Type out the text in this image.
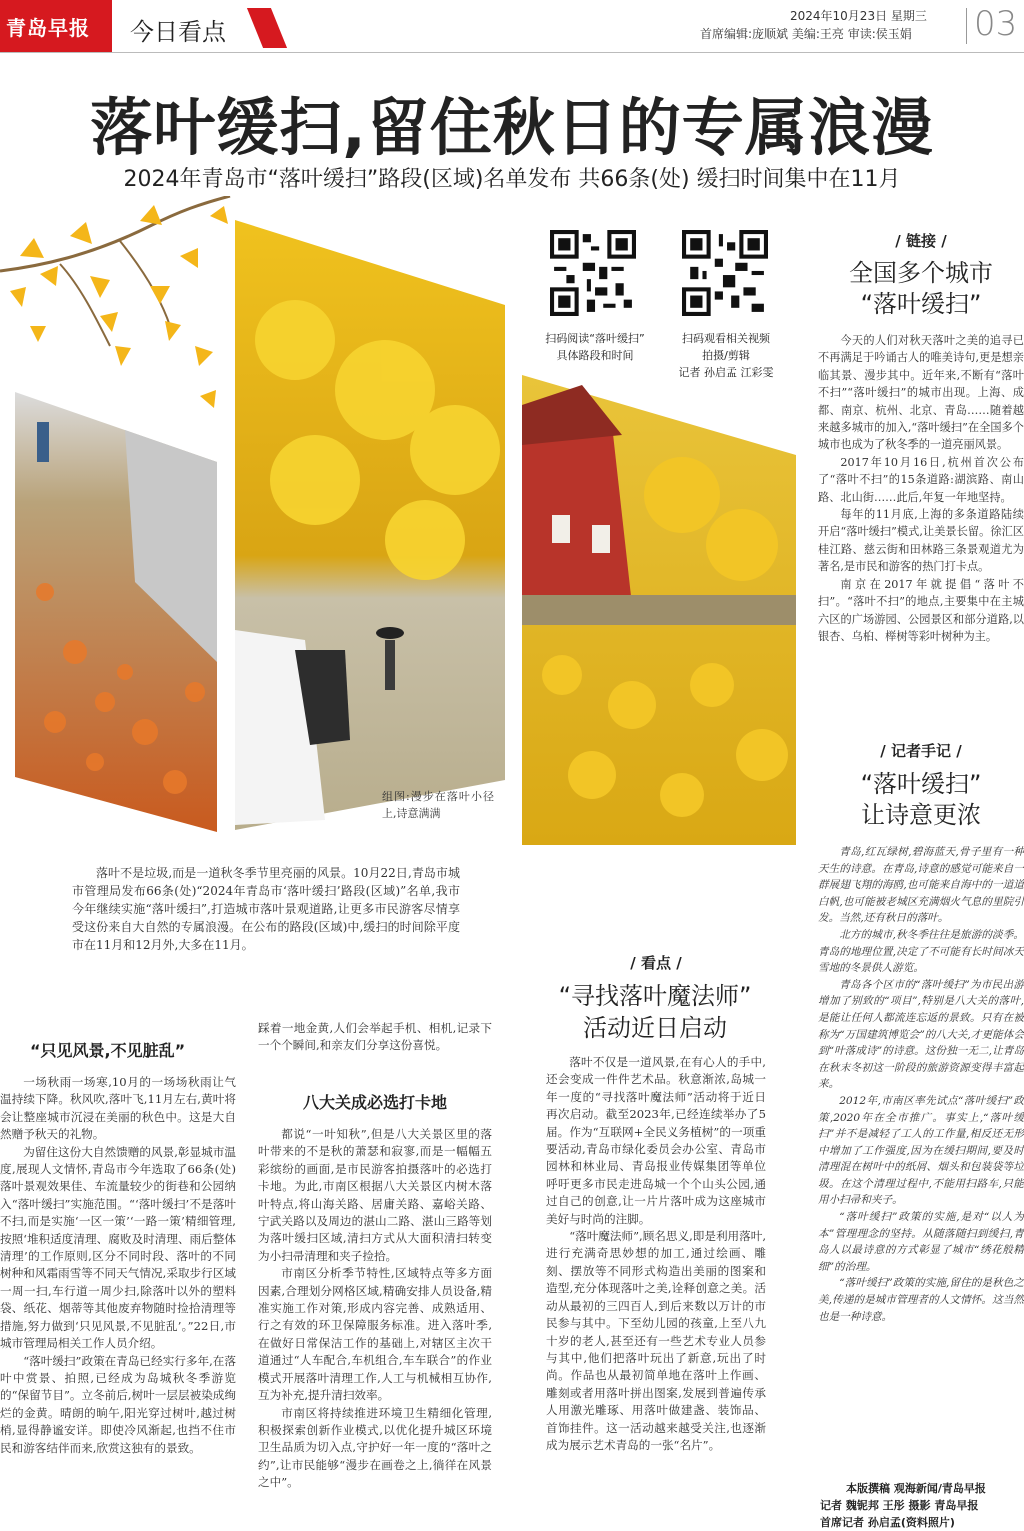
青岛早报 今日看点
2024年10月23日 星期三
首席编辑:庞顺斌 美编:王亮 审读:侯玉娟 03
落叶缓扫,留住秋日的专属浪漫
2024年青岛市“落叶缓扫”路段(区域)名单发布 共66条(处) 缓扫时间集中在11月
组图:漫步在落叶小径上,诗意满满
扫码阅读“落叶缓扫”
具体路段和时间
扫码观看相关视频
拍摄/剪辑
记者 孙启孟 江彩雯

落叶不是垃圾,而是一道秋冬季节里亮丽的风景。10月22日,青岛市城市管理局发布66条(处)“2024年青岛市‘落叶缓扫’路段(区域)”名单,我市今年继续实施“落叶缓扫”,打造城市落叶景观道路,让更多市民游客尽情享受这份来自大自然的专属浪漫。在公布的路段(区域)中,缓扫的时间除平度市在11月和12月外,大多在11月。

“只见风景,不见脏乱”

一场秋雨一场寒,10月的一场场秋雨让气温持续下降。秋风吹,落叶飞,11月左右,黄叶将会让整座城市沉浸在美丽的秋色中。这是大自然赠予秋天的礼物。

为留住这份大自然馈赠的风景,彰显城市温度,展现人文情怀,青岛市今年选取了66条(处)落叶景观效果佳、车流量较少的街巷和公园纳入“落叶缓扫”实施范围。“‘落叶缓扫’不是落叶不扫,而是实施‘一区一策’‘一路一策’精细管理,按照‘堆积适度清理、腐败及时清理、雨后整体清理’的工作原则,区分不同时段、落叶的不同树种和风霜雨雪等不同天气情况,采取步行区域一周一扫,车行道一周少扫,除落叶以外的塑料袋、纸花、烟蒂等其他废弃物随时捡拾清理等措施,努力做到‘只见风景,不见脏乱’。”22日,市城市管理局相关工作人员介绍。

“落叶缓扫”政策在青岛已经实行多年,在落叶中赏景、拍照,已经成为岛城秋冬季游览的“保留节目”。立冬前后,树叶一层层被染成绚烂的金黄。晴朗的晌午,阳光穿过树叶,越过树梢,显得静谧安详。即使冷风渐起,也挡不住市民和游客结伴而来,欣赏这独有的景致。

踩着一地金黄,人们会举起手机、相机,记录下一个个瞬间,和亲友们分享这份喜悦。

八大关成必选打卡地

都说“一叶知秋”,但是八大关景区里的落叶带来的不是秋的萧瑟和寂寥,而是一幅幅五彩缤纷的画面,是市民游客拍摄落叶的必选打卡地。为此,市南区根据八大关景区内树木落叶特点,将山海关路、居庸关路、嘉峪关路、宁武关路以及周边的湛山二路、湛山三路等划为落叶缓扫区域,清扫方式从大面积清扫转变为小扫帚清理和夹子捡拾。

市南区分析季节特性,区域特点等多方面因素,合理划分网格区域,精确安排人员设备,精准实施工作对策,形成内容完善、成熟适用、行之有效的环卫保障服务标准。进入落叶季,在做好日常保洁工作的基础上,对辖区主次干道通过“人车配合,车机组合,车车联合”的作业模式开展落叶清理工作,人工与机械相互协作,互为补充,提升清扫效率。

市南区将持续推进环境卫生精细化管理,积极探索创新作业模式,以优化提升城区环境卫生品质为切入点,守护好一年一度的“落叶之约”,让市民能够“漫步在画卷之上,徜徉在风景之中”。

/ 看点 /
“寻找落叶魔法师”
活动近日启动

落叶不仅是一道风景,在有心人的手中,还会变成一件件艺术品。秋意渐浓,岛城一年一度的“寻找落叶魔法师”活动将于近日再次启动。截至2023年,已经连续举办了5届。作为“互联网+全民义务植树”的一项重要活动,青岛市绿化委员会办公室、青岛市园林和林业局、青岛报业传媒集团等单位呼吁更多市民走进岛城一个个山头公园,通过自己的创意,让一片片落叶成为这座城市美好与时尚的注脚。

“落叶魔法师”,顾名思义,即是利用落叶,进行充满奇思妙想的加工,通过绘画、雕刻、摆放等不同形式构造出美丽的图案和造型,充分体现落叶之美,诠释创意之美。活动从最初的三四百人,到后来数以万计的市民参与其中。下至幼儿园的孩童,上至八九十岁的老人,甚至还有一些艺术专业人员参与其中,他们把落叶玩出了新意,玩出了时尚。作品也从最初简单地在落叶上作画、雕刻或者用落叶拼出图案,发展到普遍传承人用激光雕琢、用落叶做建盏、装饰品、首饰挂件。这一活动越来越受关注,也逐渐成为展示艺术青岛的一张“名片”。

/ 链接 /
全国多个城市
“落叶缓扫”

今天的人们对秋天落叶之美的追寻已不再满足于吟诵古人的唯美诗句,更是想亲临其景、漫步其中。近年来,不断有“落叶不扫”“落叶缓扫”的城市出现。上海、成都、南京、杭州、北京、青岛……随着越来越多城市的加入,“落叶缓扫”在全国多个城市也成为了秋冬季的一道亮丽风景。

2017年10月16日,杭州首次公布了“落叶不扫”的15条道路:湖滨路、南山路、北山街……此后,年复一年地坚持。

每年的11月底,上海的多条道路陆续开启“落叶缓扫”模式,让美景长留。徐汇区桂江路、慈云街和田林路三条景观道尤为著名,是市民和游客的热门打卡点。

南京在2017年就提倡“落叶不扫”。“落叶不扫”的地点,主要集中在主城六区的广场游园、公园景区和部分道路,以银杏、乌桕、榉树等彩叶树种为主。

/ 记者手记 /
“落叶缓扫”
让诗意更浓

青岛,红瓦绿树,碧海蓝天,骨子里有一种天生的诗意。在青岛,诗意的感觉可能来自一群展翅飞翔的海鸥,也可能来自海中的一道道白帆,也可能被老城区充满烟火气息的里院引发。当然,还有秋日的落叶。

北方的城市,秋冬季往往是旅游的淡季。青岛的地理位置,决定了不可能有长时间冰天雪地的冬景供人游览。

青岛各个区市的“落叶缓扫”为市民出游增加了别致的“项目”,特别是八大关的落叶,是能让任何人都流连忘返的景致。只有在被称为“万国建筑博览会”的八大关,才更能体会到“叶落成诗”的诗意。这份独一无二,让青岛在秋末冬初这一阶段的旅游资源变得丰富起来。

2012年,市南区率先试点“落叶缓扫”政策,2020年在全市推广。事实上,“落叶缓扫”并不是减轻了工人的工作量,相反还无形中增加了工作强度,因为在缓扫期间,要及时清理混在树叶中的纸屑、烟头和包装袋等垃圾。在这个清理过程中,不能用扫路车,只能用小扫帚和夹子。

“落叶缓扫”政策的实施,是对“以人为本”管理理念的坚持。从随落随扫到缓扫,青岛人以最诗意的方式彰显了城市“绣花般精细”的治理。

“落叶缓扫”政策的实施,留住的是秋色之美,传递的是城市管理者的人文情怀。这当然也是一种诗意。

本版撰稿 观海新闻/青岛早报
记者 魏铌邦 王彤 摄影 青岛早报
首席记者 孙启孟(资料照片)
